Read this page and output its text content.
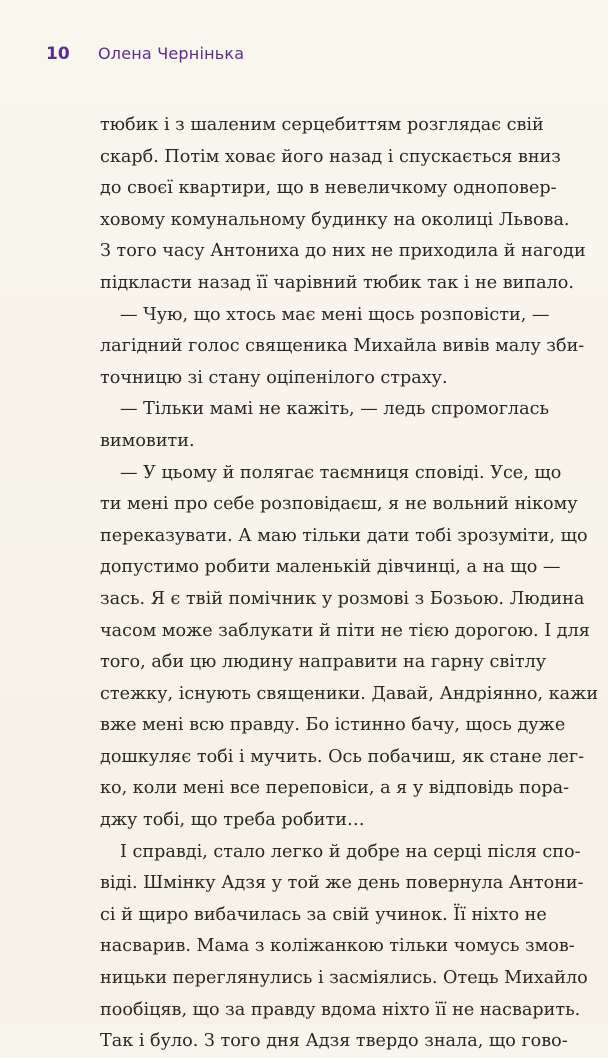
10	Олена Чернінька
тюбик і з шаленим серцебиттям розглядає свій
скарб. Потім ховає його назад і спускається вниз
до своєї квартири, що в невеличкому одноповер-
ховому комунальному будинку на околиці Львова.
З того часу Антониха до них не приходила й нагоди
підкласти назад її чарівний тюбик так і не випало.
— Чую, що хтось має мені щось розповісти, —
лагідний голос священика Михайла вивів малу зби-
точницю зі стану оціпенілого страху.
— Тільки мамі не кажіть, — ледь спромоглась
вимовити.
— У цьому й полягає таємниця сповіді. Усе, що
ти мені про себе розповідаєш, я не вольний нікому
переказувати. А маю тільки дати тобі зрозуміти, що
допустимо робити маленькій дівчинці, а на що —
зась. Я є твій помічник у розмові з Бозьою. Людина
часом може заблукати й піти не тією дорогою. І для
того, аби цю людину направити на гарну світлу
стежку, існують священики. Давай, Андріянно, кажи
вже мені всю правду. Бо істинно бачу, щось дуже
дошкуляє тобі і мучить. Ось побачиш, як стане лег-
ко, коли мені все переповіси, а я у відповідь пора-
джу тобі, що треба робити…
І справді, стало легко й добре на серці після спо-
віді. Шмінку Адзя у той же день повернула Антони-
сі й щиро вибачилась за свій учинок. Її ніхто не
насварив. Мама з коліжанкою тільки чомусь змов-
ницьки переглянулись і засміялись. Отець Михайло
пообіцяв, що за правду вдома ніхто її не насварить.
Так і було. З того дня Адзя твердо знала, що гово-
